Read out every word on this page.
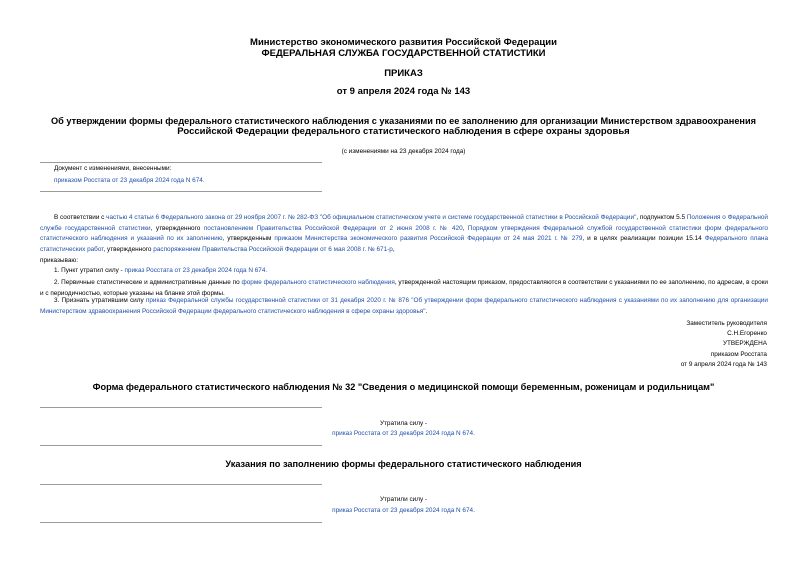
Министерство экономического развития Российской Федерации
ФЕДЕРАЛЬНАЯ СЛУЖБА ГОСУДАРСТВЕННОЙ СТАТИСТИКИ
ПРИКАЗ
от 9 апреля 2024 года № 143
Об утверждении формы федерального статистического наблюдения с указаниями по ее заполнению для организации Министерством здравоохранения
Российской Федерации федерального статистического наблюдения в сфере охраны здоровья
(с изменениями на 23 декабря 2024 года)
Документ с изменениями, внесенными:
приказом Росстата от 23 декабря 2024 года N 674.
В соответствии с частью 4 статьи 6 Федерального закона от 29 ноября 2007 г. № 282-ФЗ "Об официальном статистическом учете и системе государственной статистики в Российской Федерации", подпунктом 5.5 Положения о Федеральной службе государственной статистики, утвержденного постановлением Правительства Российской Федерации от 2 июня 2008 г. № 420, Порядком утверждения Федеральной службой государственной статистики форм федерального статистического наблюдения и указаний по их заполнению, утвержденным приказом Министерства экономического развития Российской Федерации от 24 мая 2021 г. № 279, и в целях реализации позиции 15.14 Федерального плана статистических работ, утвержденного распоряжением Правительства Российской Федерации от 6 мая 2008 г. № 671-р,
приказываю:
1. Пункт утратил силу - приказ Росстата от 23 декабря 2024 года N 674.
2. Первичные статистические и административные данные по форме федерального статистического наблюдения, утвержденной настоящим приказом, предоставляются в соответствии с указаниями по ее заполнению, по адресам, в сроки и с периодичностью, которые указаны на бланке этой формы.
3. Признать утратившим силу приказ Федеральной службы государственной статистики от 31 декабря 2020 г. № 876 "Об утверждении форм федерального статистического наблюдения с указаниями по их заполнению для организации Министерством здравоохранения Российской Федерации федерального статистического наблюдения в сфере охраны здоровья".
Заместитель руководителя
С.Н.Егоренко
УТВЕРЖДЕНА
приказом Росстата
от 9 апреля 2024 года № 143
Форма федерального статистического наблюдения № 32 "Сведения о медицинской помощи беременным, роженицам и родильницам"
Утратила силу -
приказ Росстата от 23 декабря 2024 года N 674.
Указания по заполнению формы федерального статистического наблюдения
Утратили силу -
приказ Росстата от 23 декабря 2024 года N 674.
